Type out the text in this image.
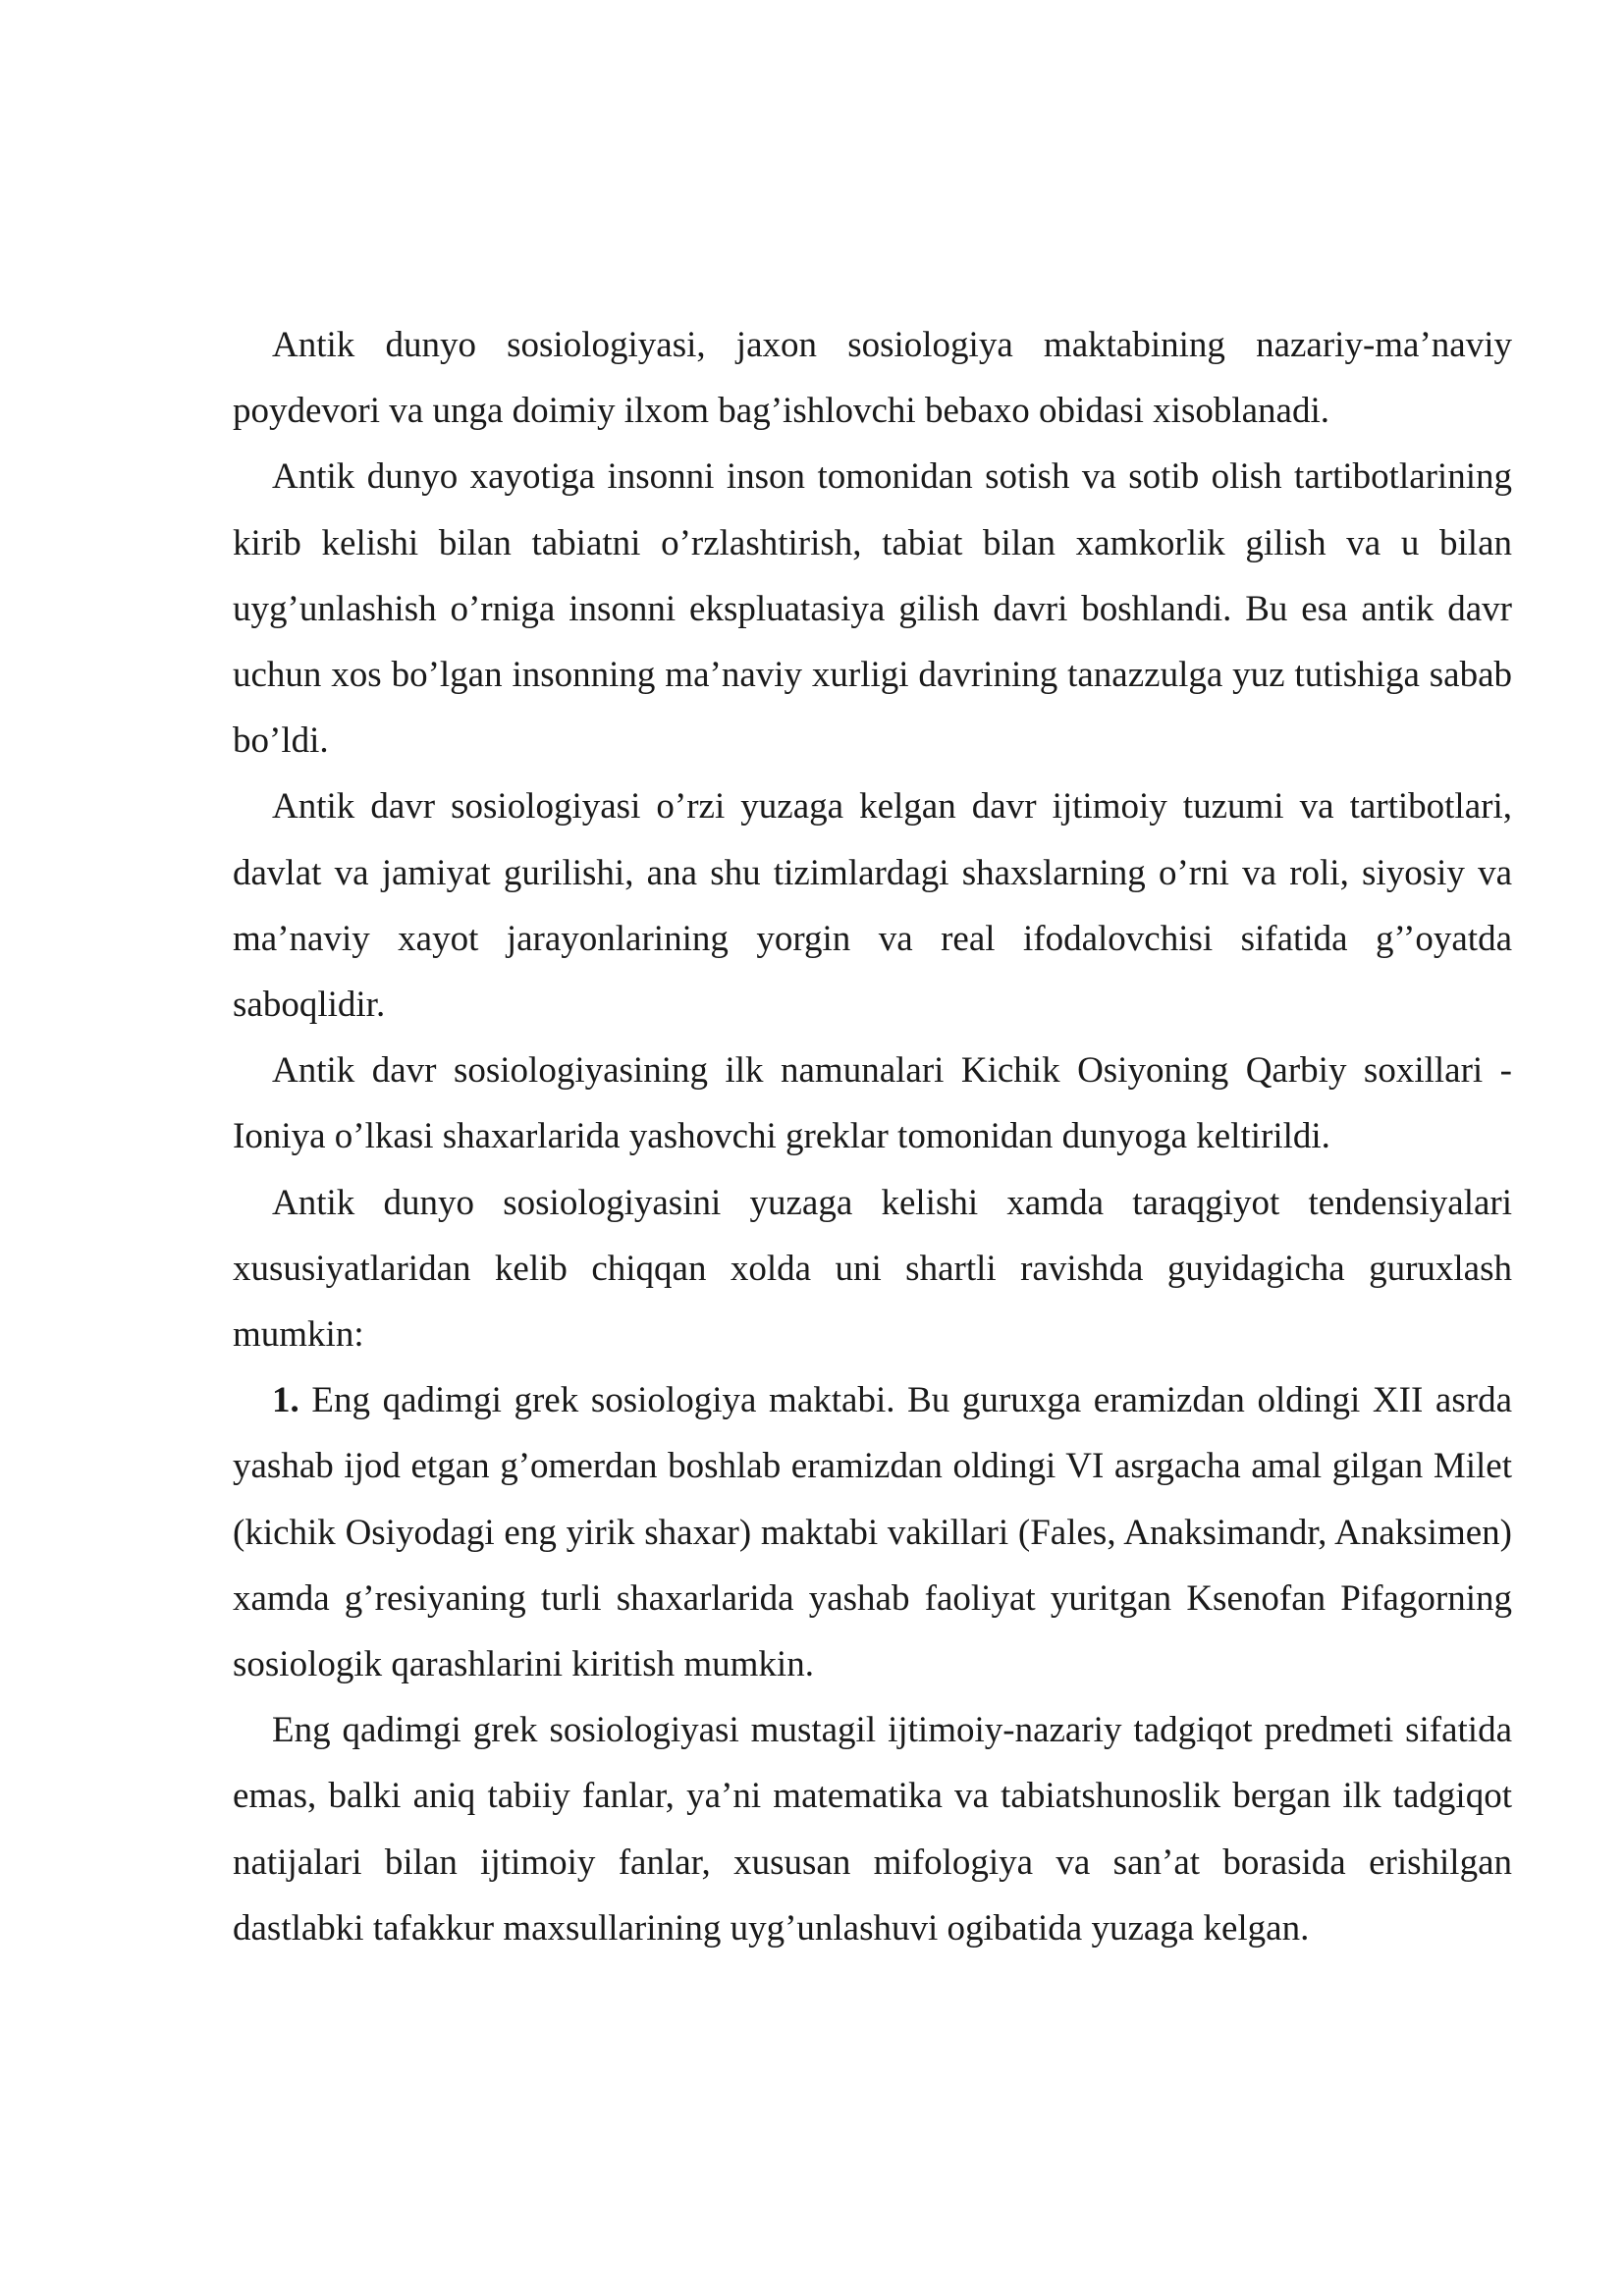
Antik dunyo sosiologiyasi, jaxon sosiologiya maktabining nazariy-ma’naviy poydevori va unga doimiy ilxom bag’ishlovchi bebaxo obidasi xisoblanadi.

Antik dunyo xayotiga insonni inson tomonidan sotish va sotib olish tartibotlarining kirib kelishi bilan tabiatni o’rzlashtirish, tabiat bilan xamkorlik gilish va u bilan uyg’unlashish o’rniga insonni ekspluatasiya gilish davri boshlandi. Bu esa antik davr uchun xos bo’lgan insonning ma’naviy xurligi davrining tanazzulga yuz tutishiga sabab bo’ldi.

Antik davr sosiologiyasi o’rzi yuzaga kelgan davr ijtimoiy tuzumi va tartibotlari, davlat va jamiyat gurilishi, ana shu tizimlardagi shaxslarning o’rni va roli, siyosiy va ma’naviy xayot jarayonlarining yorgin va real ifodalovchisi sifatida g’’oyatda saboqlidir.

Antik davr sosiologiyasining ilk namunalari Kichik Osiyoning Qarbiy soxillari - Ioniya o’lkasi shaxarlarida yashovchi greklar tomonidan dunyoga keltirildi.

Antik dunyo sosiologiyasini yuzaga kelishi xamda taraqgiyot tendensiyalari xususiyatlaridan kelib chiqqan xolda uni shartli ravishda guyidagicha guruxlash mumkin:

1. Eng qadimgi grek sosiologiya maktabi. Bu guruxga eramizdan oldingi XII asrda yashab ijod etgan g’omerdan boshlab eramizdan oldingi VI asrgacha amal gilgan Milet (kichik Osiyodagi eng yirik shaxar) maktabi vakillari (Fales, Anaksimandr, Anaksimen) xamda g’resiyaning turli shaxarlarida yashab faoliyat yuritgan Ksenofan Pifagorning sosiologik qarashlarini kiritish mumkin.

Eng qadimgi grek sosiologiyasi mustagil ijtimoiy-nazariy tadgiqot predmeti sifatida emas, balki aniq tabiiy fanlar, ya’ni matematika va tabiatshunoslik bergan ilk tadgiqot natijalari bilan ijtimoiy fanlar, xususan mifologiya va san’at borasida erishilgan dastlabki tafakkur maxsullarining uyg’unlashuvi ogibatida yuzaga kelgan.
